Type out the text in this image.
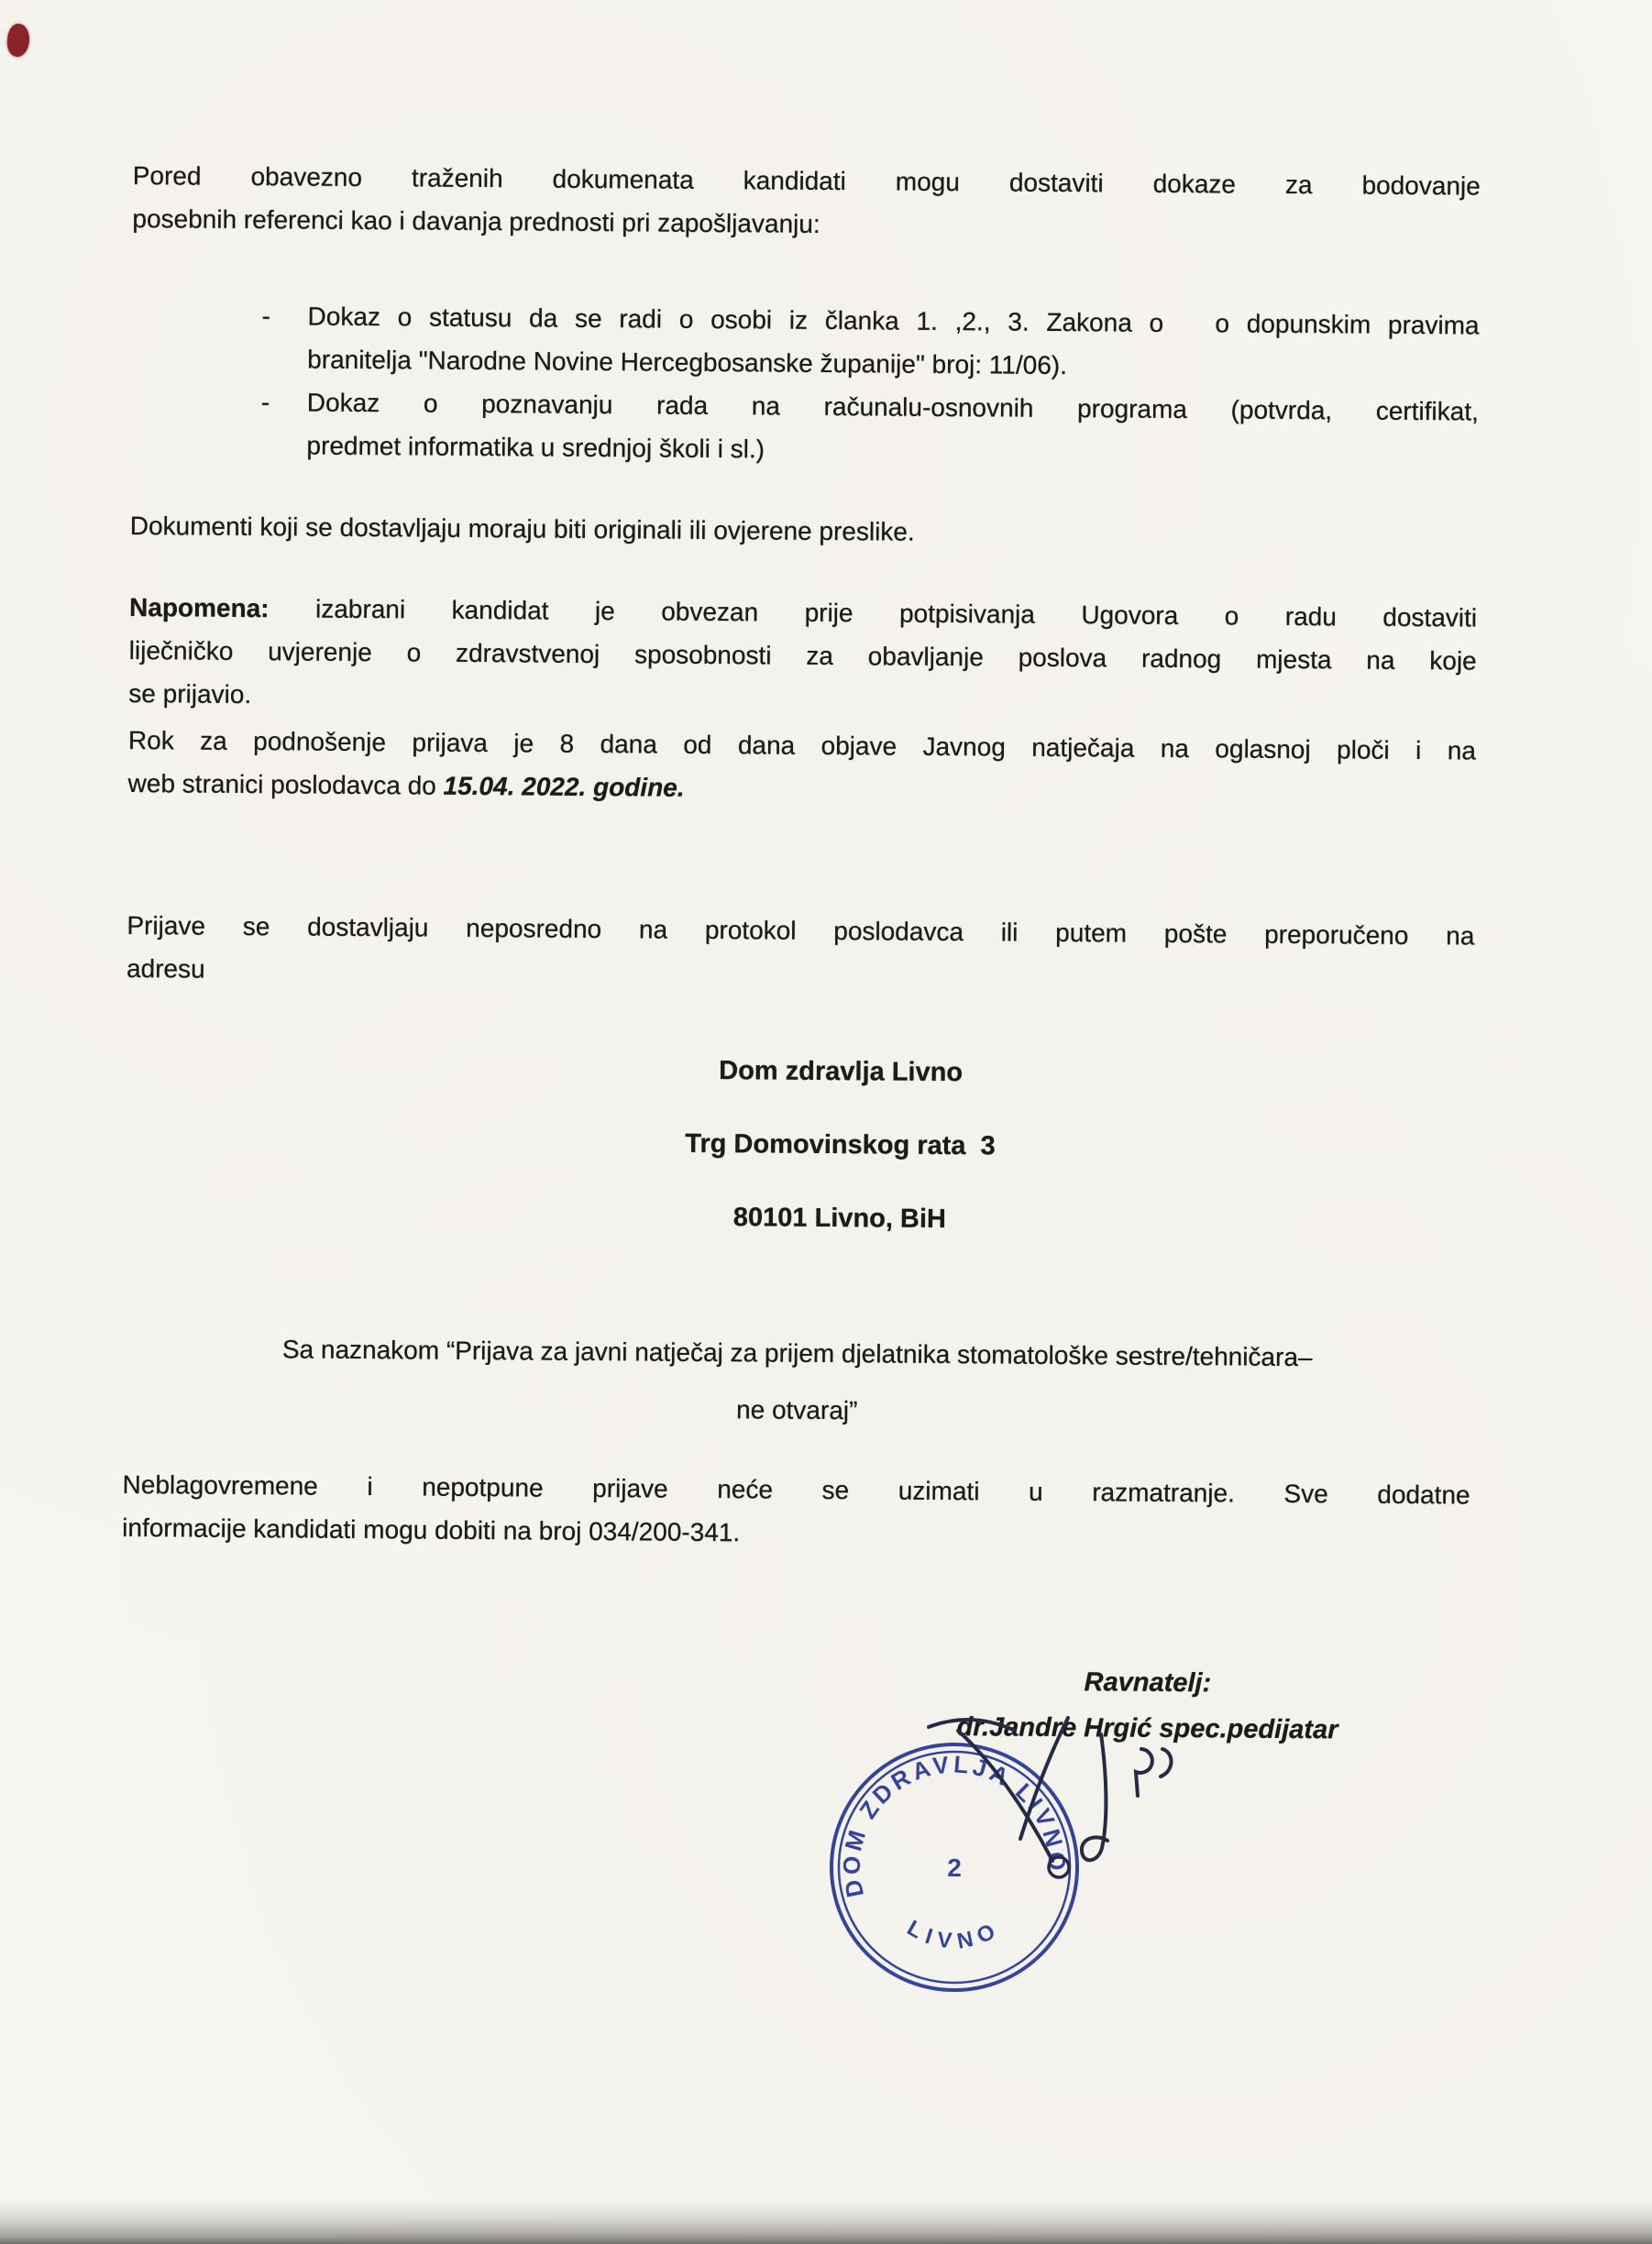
Pored obavezno traženih dokumenata kandidati mogu dostaviti dokaze za bodovanje
posebnih referenci kao i davanja prednosti pri zapošljavanju:
- Dokaz o statusu da se radi o osobi iz članka 1. ,2., 3. Zakona o   o dopunskim pravima
branitelja "Narodne Novine Hercegbosanske županije" broj: 11/06).
- Dokaz o poznavanju rada na računalu-osnovnih programa (potvrda, certifikat,
predmet informatika u srednjoj školi i sl.)
Dokumenti koji se dostavljaju moraju biti originali ili ovjerene preslike.
Napomena: izabrani kandidat je obvezan prije potpisivanja Ugovora o radu dostaviti
liječničko uvjerenje o zdravstvenoj sposobnosti za obavljanje poslova radnog mjesta na koje
se prijavio.
Rok za podnošenje prijava je 8 dana od dana objave Javnog natječaja na oglasnoj ploči i na
web stranici poslodavca do 15.04. 2022. godine.
Prijave se dostavljaju neposredno na protokol poslodavca ili putem pošte preporučeno na
adresu
Dom zdravlja Livno
Trg Domovinskog rata  3
80101 Livno, BiH
Sa naznakom “Prijava za javni natječaj za prijem djelatnika stomatološke sestre/tehničara–
ne otvaraj”
Neblagovremene i nepotpune prijave neće se uzimati u razmatranje. Sve dodatne
informacije kandidati mogu dobiti na broj 034/200-341.
Ravnatelj:
dr.Jandre Hrgić spec.pedijatar
DOM ZDRAVLJA LIVNO
LIVNO
2
